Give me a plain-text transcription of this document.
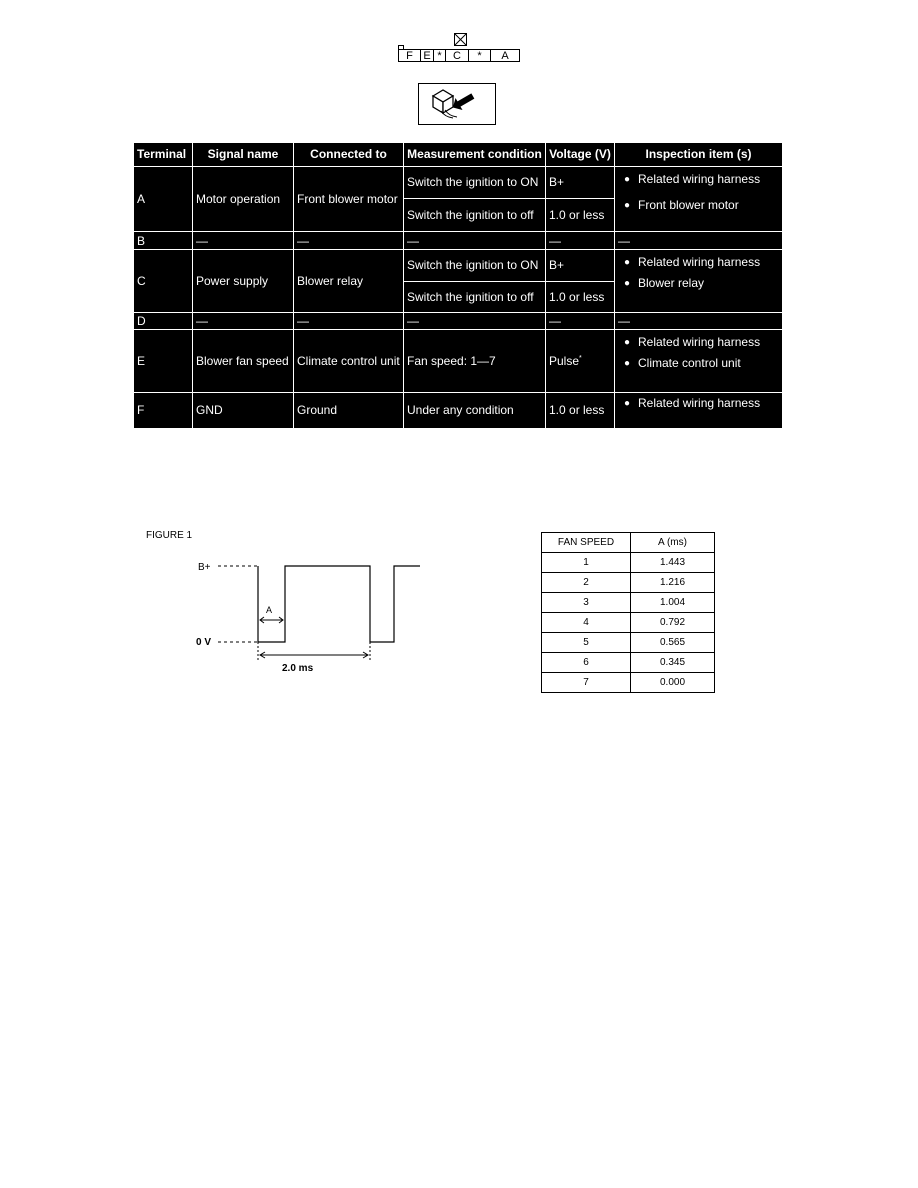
F E *	C	*	A
Terminal	Signal name	Connected to	Measurement condition	Voltage (V)	Inspection item (s)
A	Motor operation	Front blower motor	Switch the ignition to ON	B+	● Related wiring harness
● Front blower motor

			Switch the ignition to off	1.0 or less	
B	—	—	—	—	—
C	Power supply	Blower relay	Switch the ignition to ON	B+	● Related wiring harness
● Blower relay

			Switch the ignition to off	1.0 or less	
D	—	—	—	—	—
E	Blower fan speed	Climate control unit	Fan speed: 1—7	Pulse*	● Related wiring harness
● Climate control unit

F	GND	Ground	Under any condition	1.0 or less	● Related wiring harness
FIGURE 1
B+
0 V
A
2.0 ms
FAN SPEED	A (ms)
1	1.443
2	1.216
3	1.004
4	0.792
5	0.565
6	0.345
7	0.000
